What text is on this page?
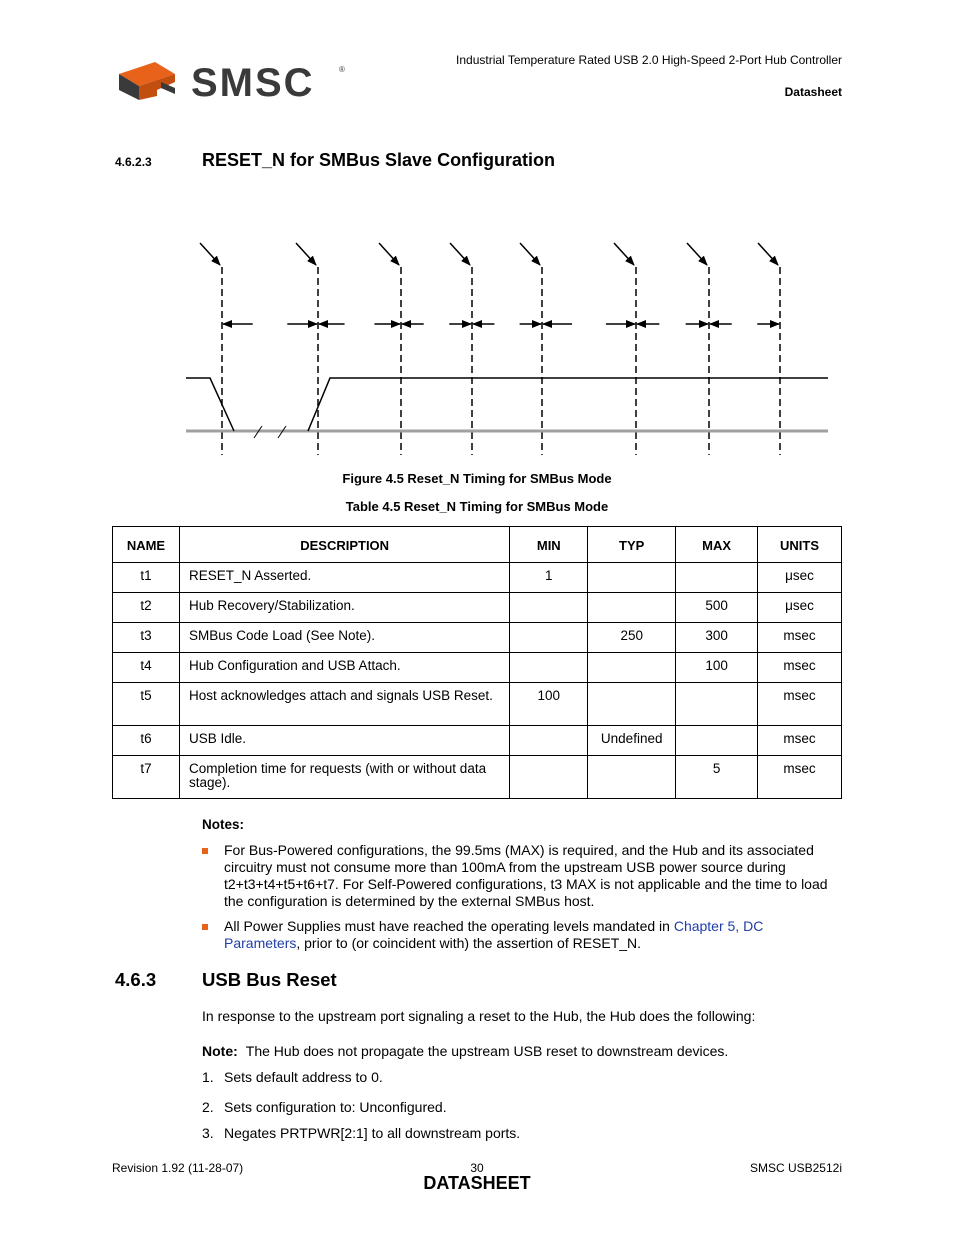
Industrial Temperature Rated USB 2.0 High-Speed 2-Port Hub Controller
Datasheet
SMSC	®
4.6.2.3	RESET_N for SMBus Slave Configuration
Figure 4.5 Reset_N Timing for SMBus Mode
Table 4.5 Reset_N Timing for SMBus Mode
NAME	DESCRIPTION	MIN	TYP	MAX	UNITS
t1	RESET_N Asserted.	1			μsec
t2	Hub Recovery/Stabilization.			500	μsec
t3	SMBus Code Load (See Note).		250	300	msec
t4	Hub Configuration and USB Attach.			100	msec
t5	Host acknowledges attach and signals USB Reset.	100			msec
t6	USB Idle.		Undefined		msec
t7	Completion time for requests (with or without data stage).			5	msec
Notes:
For Bus-Powered configurations, the 99.5ms (MAX) is required, and the Hub and its associated circuitry must not consume more than 100mA from the upstream USB power source during t2+t3+t4+t5+t6+t7. For Self-Powered configurations, t3 MAX is not applicable and the time to load the configuration is determined by the external SMBus host.
All Power Supplies must have reached the operating levels mandated in Chapter 5, DC Parameters, prior to (or coincident with) the assertion of RESET_N.
4.6.3 USB Bus Reset
In response to the upstream port signaling a reset to the Hub, the Hub does the following:
Note: The Hub does not propagate the upstream USB reset to downstream devices.
1. Sets default address to 0.
2. Sets configuration to: Unconfigured.
3. Negates PRTPWR[2:1] to all downstream ports.
Revision 1.92 (11-28-07)	30
DATASHEET
SMSC USB2512i
